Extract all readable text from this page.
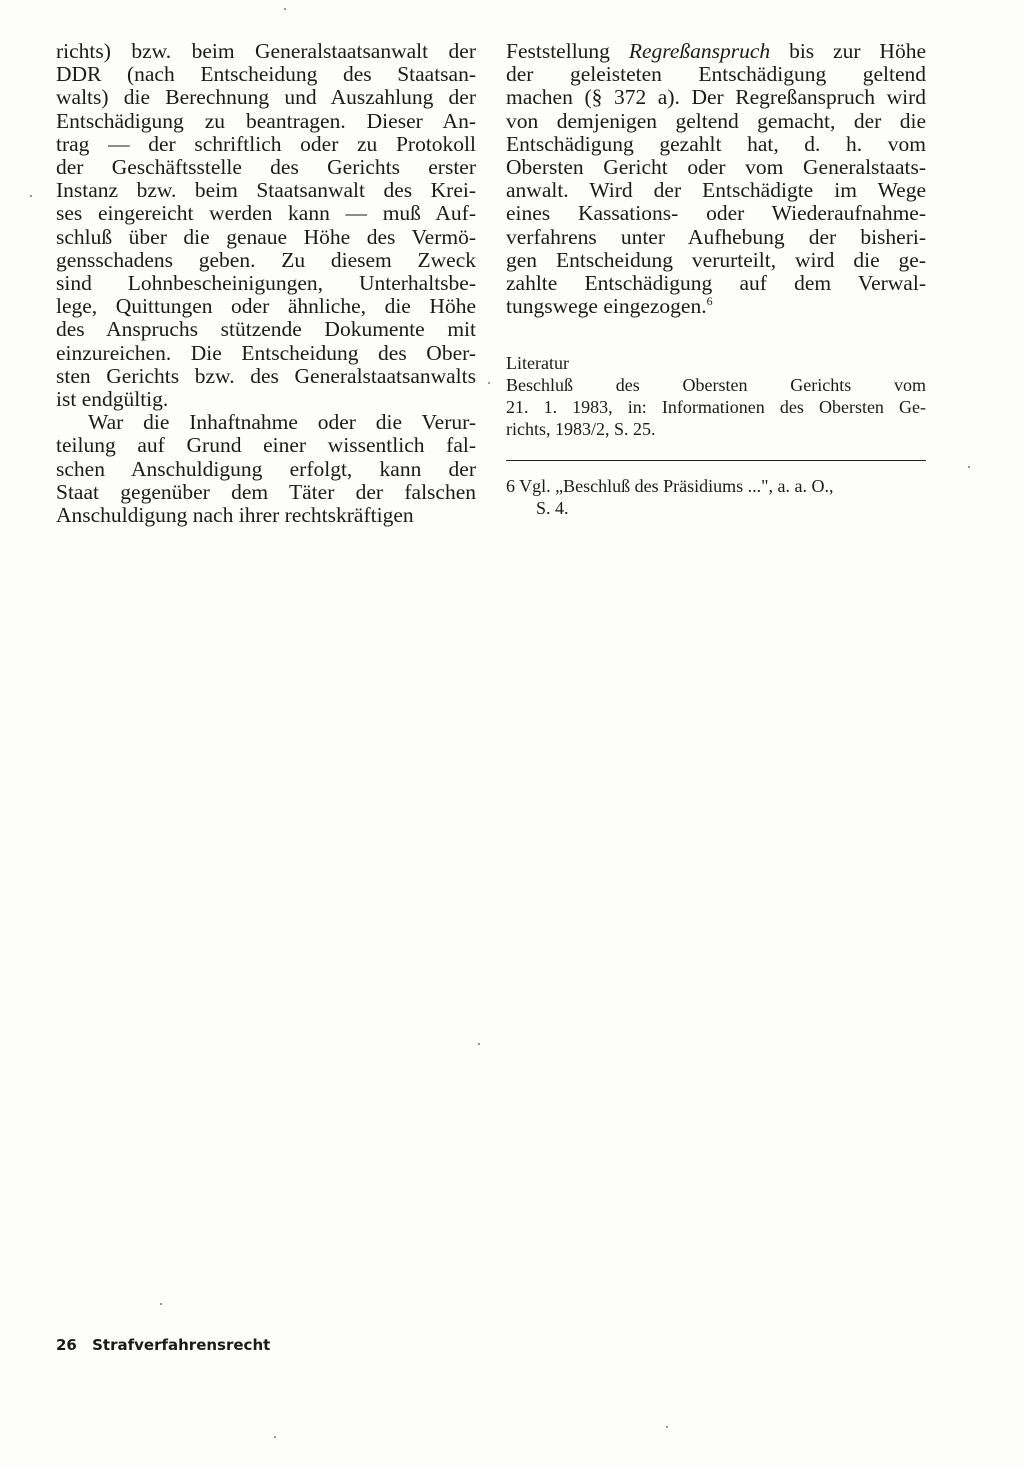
richts) bzw. beim Generalstaatsanwalt der
DDR (nach Entscheidung des Staatsan-
walts) die Berechnung und Auszahlung der
Entschädigung zu beantragen. Dieser An-
trag — der schriftlich oder zu Protokoll
der Geschäftsstelle des Gerichts erster
Instanz bzw. beim Staatsanwalt des Krei-
ses eingereicht werden kann — muß Auf-
schluß über die genaue Höhe des Vermö-
gensschadens geben. Zu diesem Zweck
sind Lohnbescheinigungen, Unterhaltsbe-
lege, Quittungen oder ähnliche, die Höhe
des Anspruchs stützende Dokumente mit
einzureichen. Die Entscheidung des Ober-
sten Gerichts bzw. des Generalstaatsanwalts
ist endgültig.
War die Inhaftnahme oder die Verur-
teilung auf Grund einer wissentlich fal-
schen Anschuldigung erfolgt, kann der
Staat gegenüber dem Täter der falschen
Anschuldigung nach ihrer rechtskräftigen
Feststellung Regreßanspruch bis zur Höhe
der geleisteten Entschädigung geltend
machen (§ 372 a). Der Regreßanspruch wird
von demjenigen geltend gemacht, der die
Entschädigung gezahlt hat, d. h. vom
Obersten Gericht oder vom Generalstaats-
anwalt. Wird der Entschädigte im Wege
eines Kassations- oder Wiederaufnahme-
verfahrens unter Aufhebung der bisheri-
gen Entscheidung verurteilt, wird die ge-
zahlte Entschädigung auf dem Verwal-
tungswege eingezogen.$^6$
Literatur
Beschluß des Obersten Gerichts vom
21. 1. 1983, in: Informationen des Obersten Ge-
richts, 1983/2, S. 25.
6 Vgl. „Beschluß des Präsidiums ...", a. a. O.,
S. 4.
26 Strafverfahrensrecht
